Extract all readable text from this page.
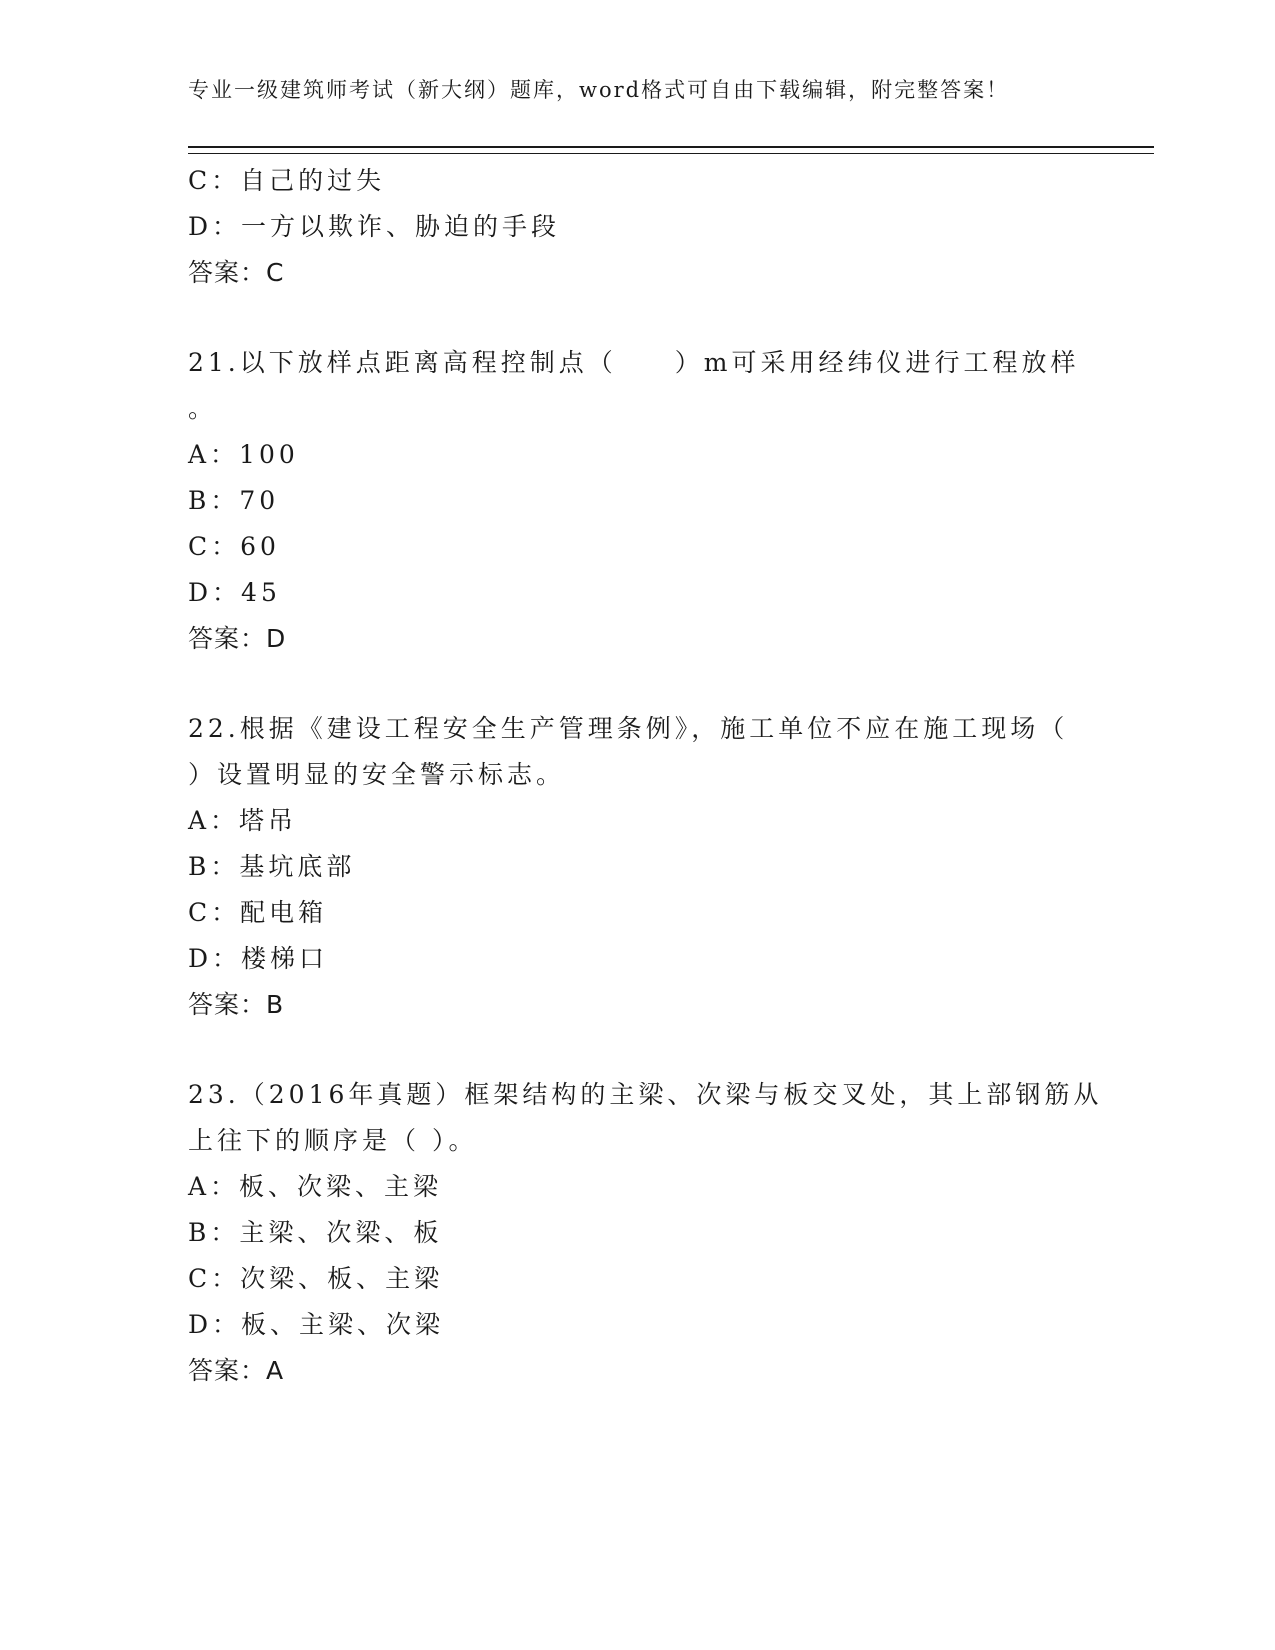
专业一级建筑师考试（新大纲）题库，word格式可自由下载编辑，附完整答案！
C：自己的过失
D：一方以欺诈、胁迫的手段
答案：C
21.以下放样点距离高程控制点（　　）m可采用经纬仪进行工程放样
。
A：100
B：70
C：60
D：45
答案：D
22.根据《建设工程安全生产管理条例》，施工单位不应在施工现场（
）设置明显的安全警示标志。
A：塔吊
B：基坑底部
C：配电箱
D：楼梯口
答案：B
23.（2016年真题）框架结构的主梁、次梁与板交叉处，其上部钢筋从
上往下的顺序是（ ）。
A：板、次梁、主梁
B：主梁、次梁、板
C：次梁、板、主梁
D：板、主梁、次梁
答案：A
